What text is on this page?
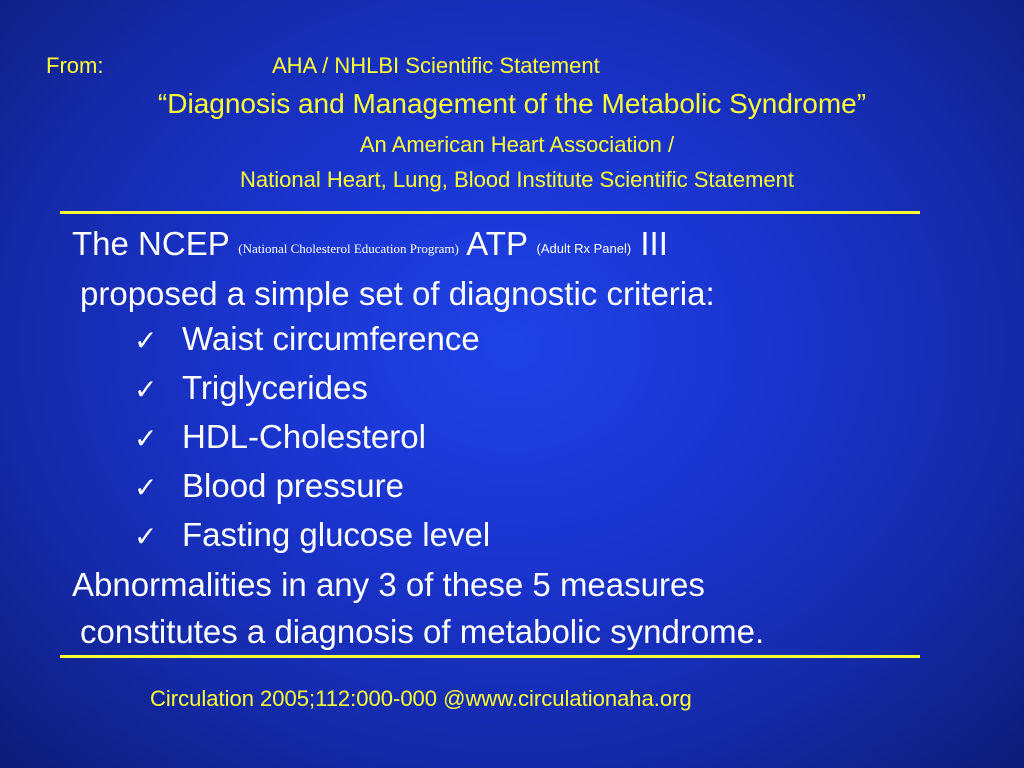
From:	AHA / NHLBI Scientific Statement
“Diagnosis and Management of the Metabolic Syndrome”
An American Heart Association /
National Heart, Lung, Blood Institute Scientific Statement
The NCEP (National Cholesterol Education Program) ATP (Adult Rx Panel) III
proposed a simple set of diagnostic criteria:
✓ Waist circumference
✓ Triglycerides
✓ HDL-Cholesterol
✓ Blood pressure
✓ Fasting glucose level
Abnormalities in any 3 of these 5 measures
constitutes a diagnosis of metabolic syndrome.
Circulation 2005;112:000-000 @www.circulationaha.org
